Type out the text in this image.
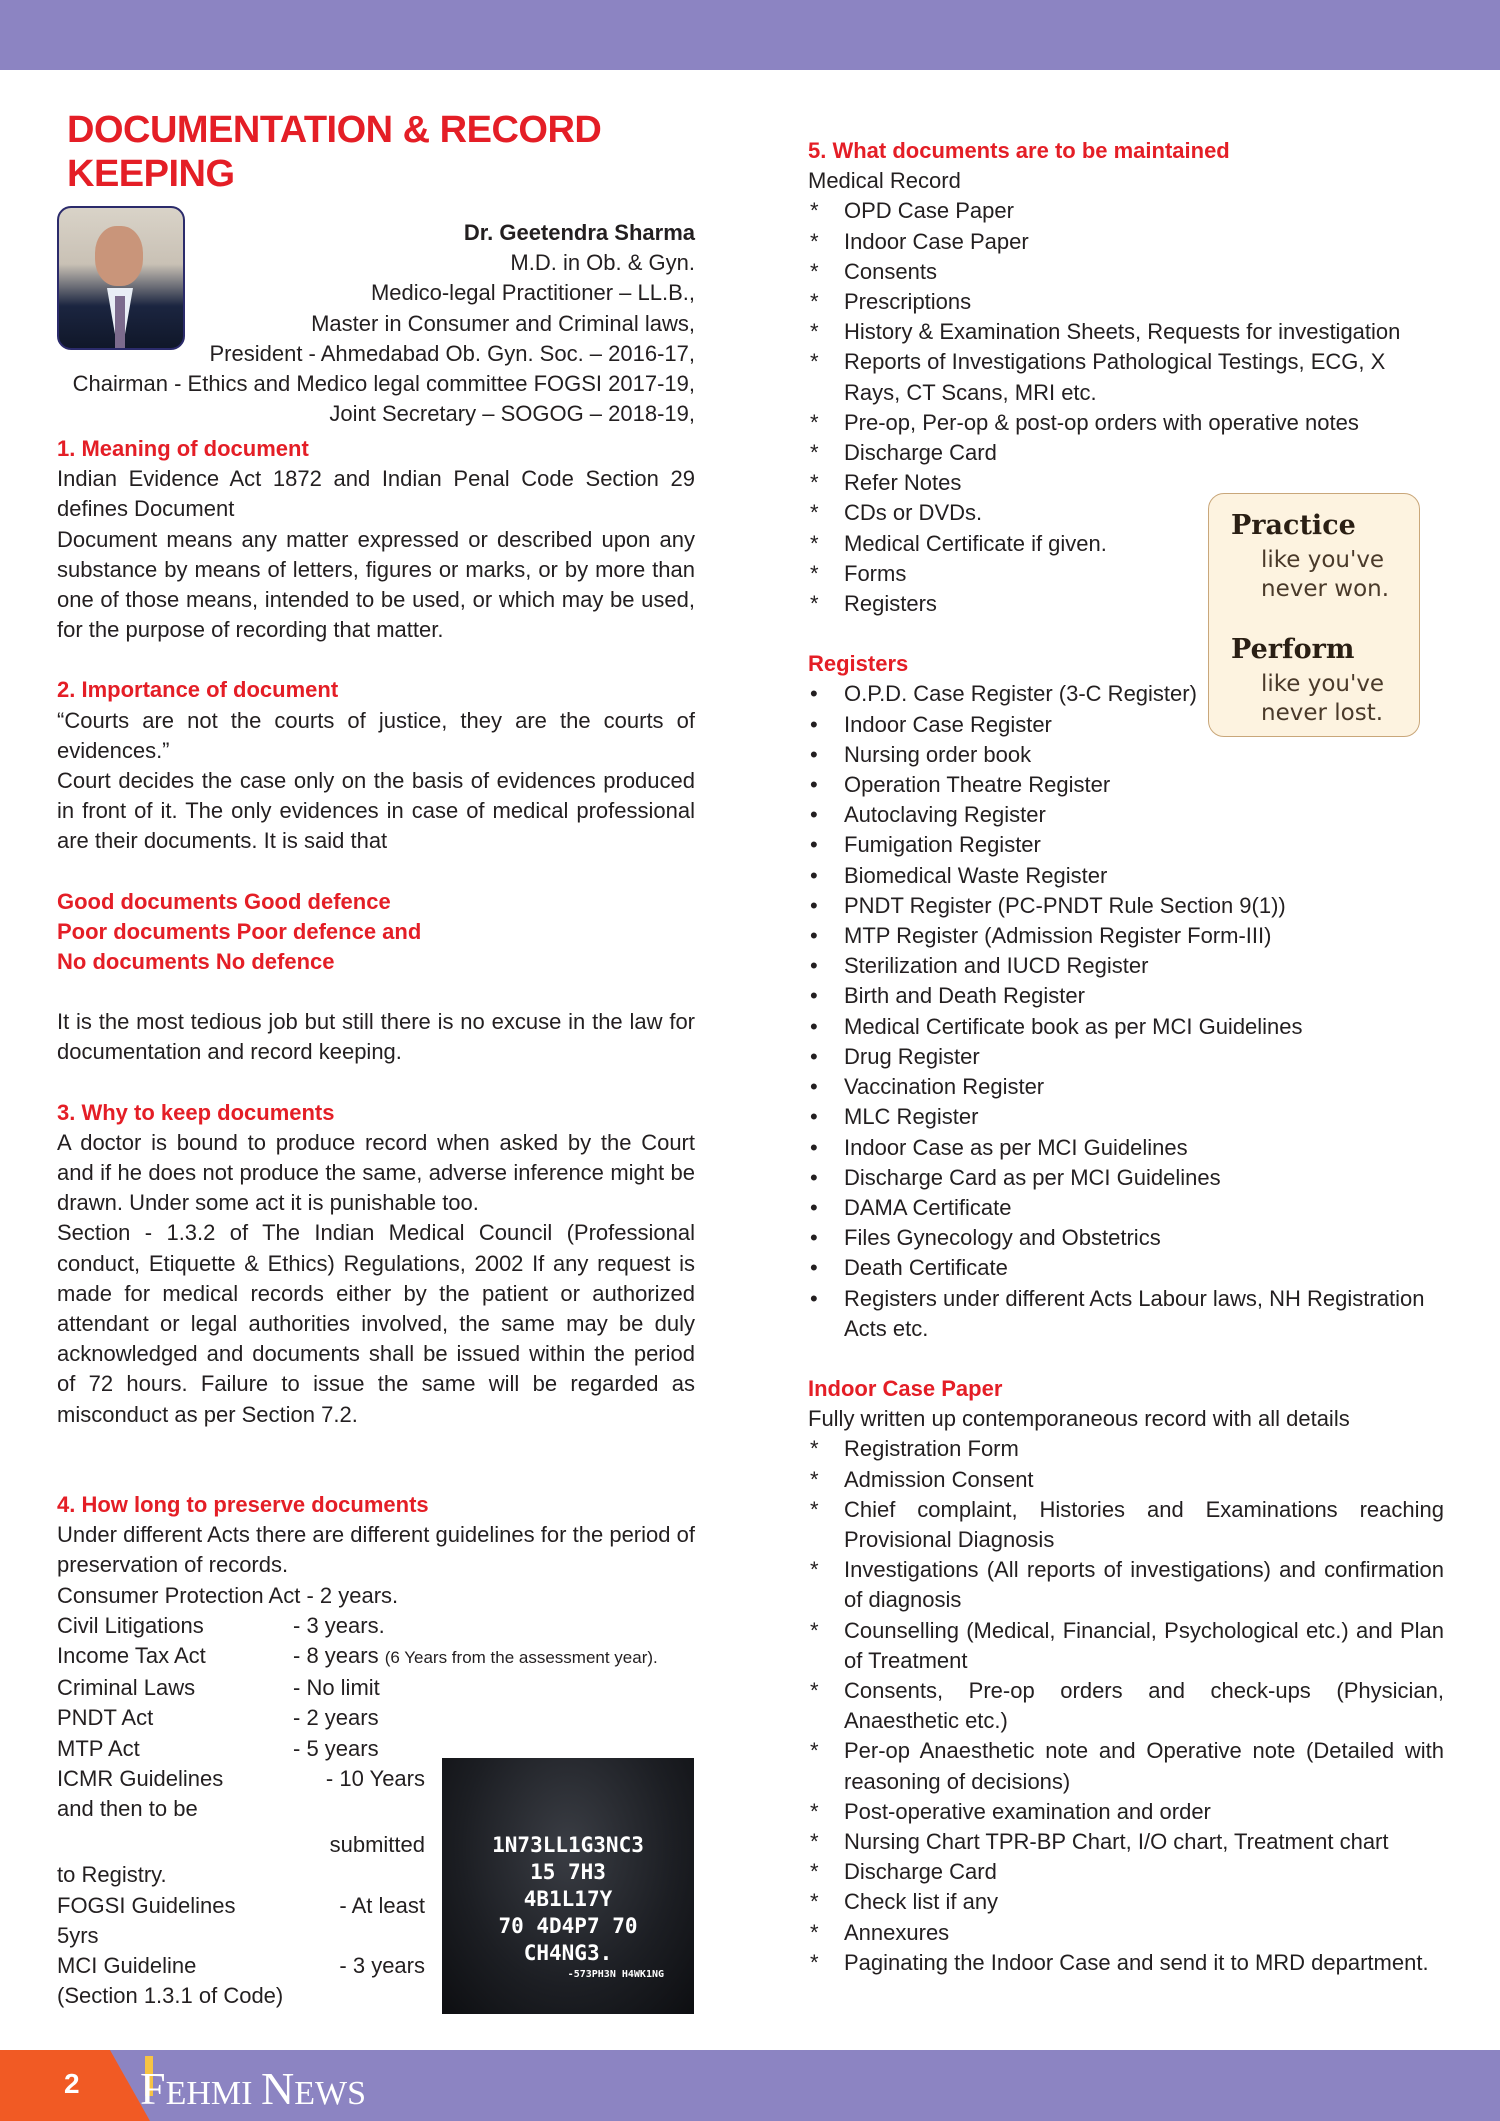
DOCUMENTATION & RECORD KEEPING
Dr. Geetendra Sharma
M.D. in Ob. & Gyn.
Medico-legal Practitioner – LL.B.,
Master in Consumer and Criminal laws,
President - Ahmedabad Ob. Gyn. Soc. – 2016-17,
Chairman - Ethics and Medico legal committee FOGSI 2017-19,
Joint Secretary – SOGOG – 2018-19,
1. Meaning of document

Indian Evidence Act 1872 and Indian Penal Code Section 29 defines Document

Document means any matter expressed or described upon any substance by means of letters, figures or marks, or by more than one of those means, intended to be used, or which may be used, for the purpose of recording that matter.

2. Importance of document

“Courts are not the courts of justice, they are the courts of evidences.”

Court decides the case only on the basis of evidences produced in front of it. The only evidences in case of medical professional are their documents. It is said that

Good documents Good defence
Poor documents Poor defence and
No documents No defence

It is the most tedious job but still there is no excuse in the law for documentation and record keeping.

3. Why to keep documents

A doctor is bound to produce record when asked by the Court and if he does not produce the same, adverse inference might be drawn. Under some act it is punishable too.

Section - 1.3.2 of The Indian Medical Council (Professional conduct, Etiquette & Ethics) Regulations, 2002 If any request is made for medical records either by the patient or authorized attendant or legal authorities involved, the same may be duly acknowledged and documents shall be issued within the period of 72 hours. Failure to issue the same will be regarded as misconduct as per Section 7.2.

4. How long to preserve documents

Under different Acts there are different guidelines for the period of preservation of records.

Consumer Protection Act - 2 years.
Civil Litigations	- 3 years.
Income Tax Act	- 8 years (6 Years from the assessment year).
Criminal Laws	- No limit
PNDT Act	- 2 years
MTP Act	- 5 years
ICMR Guidelines	- 10 Years
and then to be
submitted
to Registry.
FOGSI Guidelines	- At least
5yrs
MCI Guideline	- 3 years
(Section 1.3.1 of Code)
1N73LL1G3NC3
15 7H3
4B1L17Y
70 4D4P7 70
CH4NG3.
-573PH3N H4WK1NG
5. What documents are to be maintained
Medical Record
* OPD Case Paper
* Indoor Case Paper
* Consents
* Prescriptions
* History & Examination Sheets, Requests for investigation
* Reports of Investigations Pathological Testings, ECG, X Rays, CT Scans, MRI etc.
* Pre-op, Per-op & post-op orders with operative notes
* Discharge Card
* Refer Notes
* CDs or DVDs.
* Medical Certificate if given.
* Forms
* Registers
Registers
• O.P.D. Case Register (3-C Register)
• Indoor Case Register
• Nursing order book
• Operation Theatre Register
• Autoclaving Register
• Fumigation Register
• Biomedical Waste Register
• PNDT Register (PC-PNDT Rule Section 9(1))
• MTP Register (Admission Register Form-III)
• Sterilization and IUCD Register
• Birth and Death Register
• Medical Certificate book as per MCI Guidelines
• Drug Register
• Vaccination Register
• MLC Register
• Indoor Case as per MCI Guidelines
• Discharge Card as per MCI Guidelines
• DAMA Certificate
• Files Gynecology and Obstetrics
• Death Certificate
• Registers under different Acts Labour laws, NH Registration Acts etc.
Indoor Case Paper
Fully written up contemporaneous record with all details
* Registration Form
* Admission Consent
* Chief complaint, Histories and Examinations reaching Provisional Diagnosis
* Investigations (All reports of investigations) and confirmation of diagnosis
* Counselling (Medical, Financial, Psychological etc.) and Plan of Treatment
* Consents, Pre-op orders and check-ups (Physician, Anaesthetic etc.)
* Per-op Anaesthetic note and Operative note (Detailed with reasoning of decisions)
* Post-operative examination and order
* Nursing Chart TPR-BP Chart, I/O chart, Treatment chart
* Discharge Card
* Check list if any
* Annexures
* Paginating the Indoor Case and send it to MRD department.
Practice
like you've
never won.
Perform
like you've
never lost.
2 FEHMI NEWS
